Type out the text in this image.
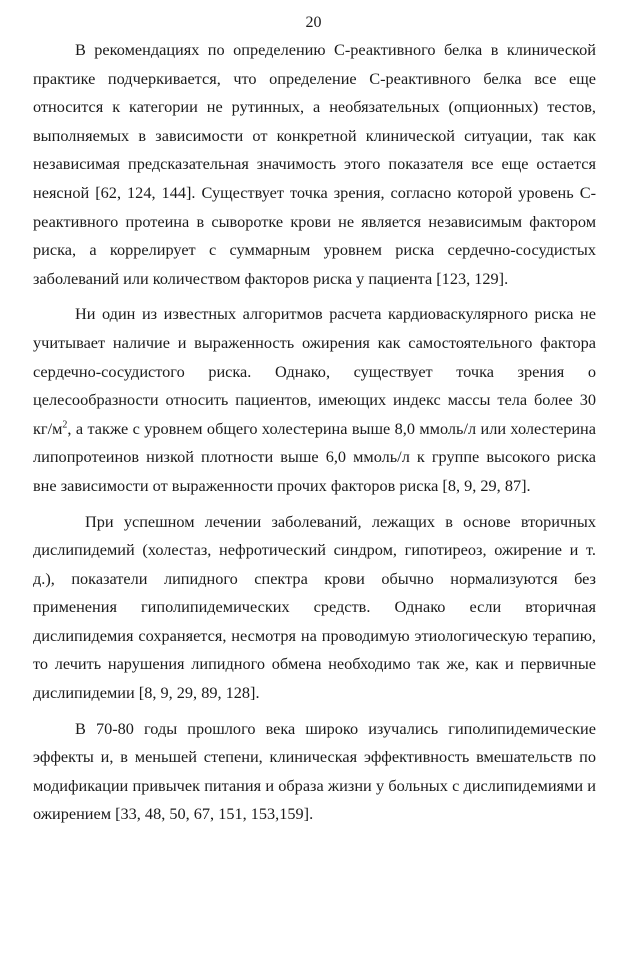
20

В рекомендациях по определению С-реактивного белка в клинической практике подчеркивается, что определение С-реактивного белка все еще относится к категории не рутинных, а необязательных (опционных) тестов, выполняемых в зависимости от конкретной клинической ситуации, так как независимая предсказательная значимость этого показателя все еще остается неясной [62, 124, 144]. Существует точка зрения, согласно которой уровень С-реактивного протеина в сыворотке крови не является независимым фактором риска, а коррелирует с суммарным уровнем риска сердечно-сосудистых заболеваний или количеством факторов риска у пациента [123, 129].

Ни один из известных алгоритмов расчета кардиоваскулярного риска не учитывает наличие и выраженность ожирения как самостоятельного фактора сердечно-сосудистого риска. Однако, существует точка зрения о целесообразности относить пациентов, имеющих индекс массы тела более 30 $кг/м^2$, а также с уровнем общего холестерина выше 8,0 ммоль/л или холестерина липопротеинов низкой плотности выше 6,0 ммоль/л к группе высокого риска вне зависимости от выраженности прочих факторов риска [8, 9, 29, 87].

При успешном лечении заболеваний, лежащих в основе вторичных дислипидемий (холестаз, нефротический синдром, гипотиреоз, ожирение и т. д.), показатели липидного спектра крови обычно нормализуются без применения гиполипидемических средств. Однако если вторичная дислипидемия сохраняется, несмотря на проводимую этиологическую терапию, то лечить нарушения липидного обмена необходимо так же, как и первичные дислипидемии [8, 9, 29, 89, 128].

В 70-80 годы прошлого века широко изучались гиполипидемические эффекты и, в меньшей степени, клиническая эффективность вмешательств по модификации привычек питания и образа жизни у больных с дислипидемиями и ожирением [33, 48, 50, 67, 151, 153,159].
